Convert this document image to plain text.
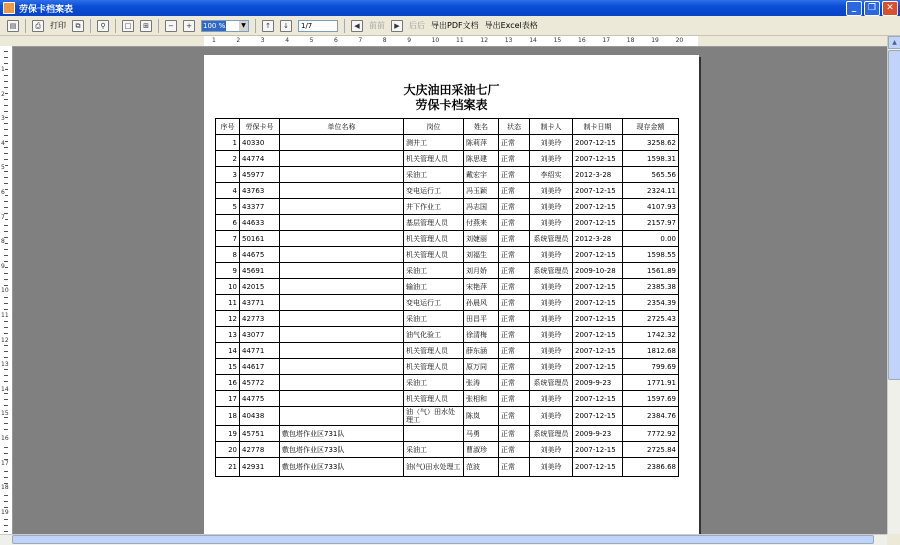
劳保卡档案表	_	❐	✕
▤	⎙	打印	⧉	⚲	□	⊞	−	+	100 %	▼	↑	↓	1/7	◀	前前	▶	后后 导出PDF文档 导出Excel表格
1	2	3	4	5	6	7	8	9	10	11	12	13	14	15	16	17	18	19	20
1
2
3
4
5
6
7
8
9
10
11
12
13
14
15
16
17
18
19
大庆油田采油七厂
劳保卡档案表
序号	劳保卡号	单位名称	岗位	姓名	状态	制卡人	制卡日期	现存金额
1	40330		测井工	陈莉萍	正常	刘美玲	2007-12-15	3258.62
2	44774		机关管理人员	陈思建	正常	刘美玲	2007-12-15	1598.31
3	45977		采油工	戴宏宇	正常	李绍实	2012-3-28	565.56
4	43763		变电运行工	冯玉颖	正常	刘美玲	2007-12-15	2324.11
5	43377		井下作业工	冯志国	正常	刘美玲	2007-12-15	4107.93
6	44633		基层管理人员	付燕来	正常	刘美玲	2007-12-15	2157.97
7	50161		机关管理人员	刘婕丽	正常	系统管理员	2012-3-28	0.00
8	44675		机关管理人员	刘福生	正常	刘美玲	2007-12-15	1598.55
9	45691		采油工	刘月娇	正常	系统管理员	2009-10-28	1561.89
10	42015		输油工	宋艳萍	正常	刘美玲	2007-12-15	2385.38
11	43771		变电运行工	孙晨风	正常	刘美玲	2007-12-15	2354.39
12	42773		采油工	田昌平	正常	刘美玲	2007-12-15	2725.43
13	43077		油气化验工	徐清梅	正常	刘美玲	2007-12-15	1742.32
14	44771		机关管理人员	薛东涵	正常	刘美玲	2007-12-15	1812.68
15	44617		机关管理人员	原万同	正常	刘美玲	2007-12-15	799.69
16	45772		采油工	张涛	正常	系统管理员	2009-9-23	1771.91
17	44775		机关管理人员	张相和	正常	刘美玲	2007-12-15	1597.69
18	40438		油（气）田水处理工	陈岚	正常	刘美玲	2007-12-15	2384.76
19	45751	敷包塔作业区731队		马勇	正常	系统管理员	2009-9-23	7772.92
20	42778	敷包塔作业区733队	采油工	曹淑珍	正常	刘美玲	2007-12-15	2725.84
21	42931	敷包塔作业区733队	油(气)田水处理工	范波	正常	刘美玲	2007-12-15	2386.68
▲
